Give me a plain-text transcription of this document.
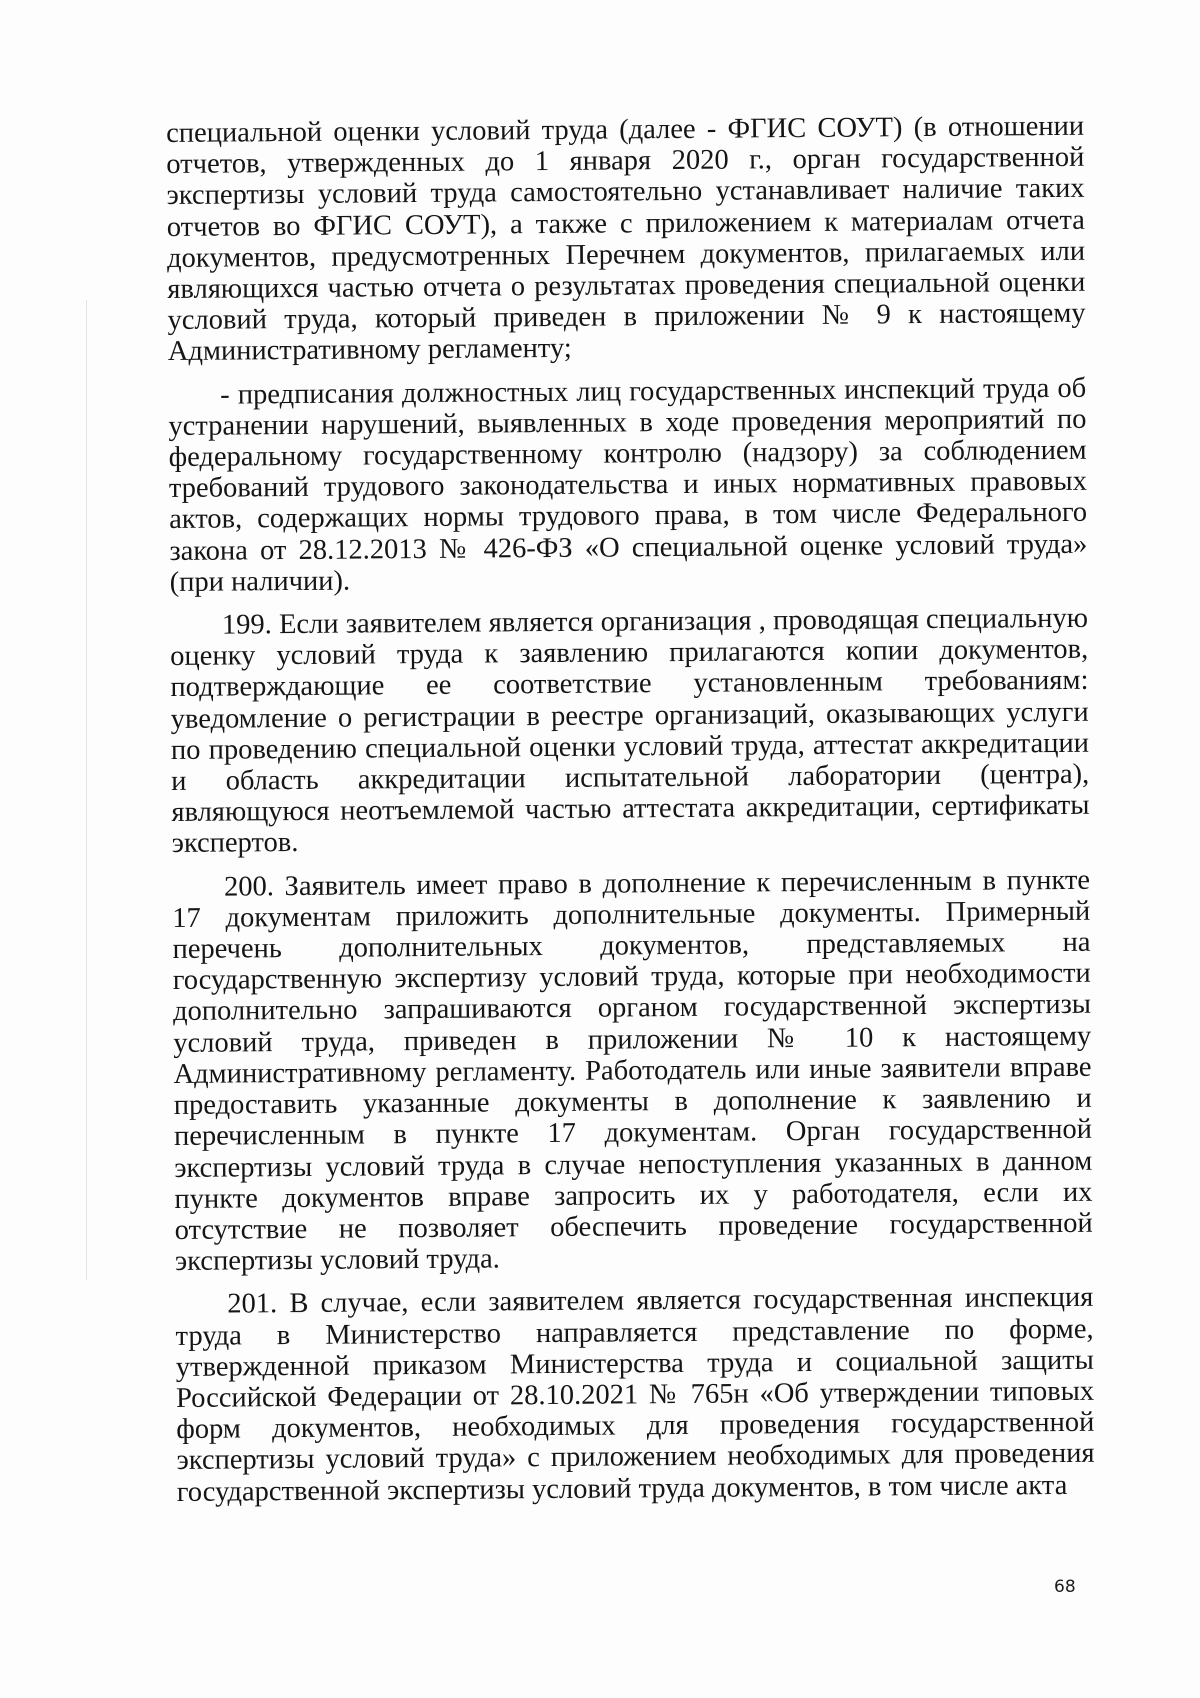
специальной оценки условий труда (далее - ФГИС СОУТ) (в отношении отчетов, утвержденных до 1 января 2020 г., орган государственной экспертизы условий труда самостоятельно устанавливает наличие таких отчетов во ФГИС СОУТ), а также с приложением к материалам отчета документов, предусмотренных Перечнем документов, прилагаемых или являющихся частью отчета о результатах проведения специальной оценки условий труда, который приведен в приложении № 9 к настоящему Административному регламенту;

- предписания должностных лиц государственных инспекций труда об устранении нарушений, выявленных в ходе проведения мероприятий по федеральному государственному контролю (надзору) за соблюдением требований трудового законодательства и иных нормативных правовых актов, содержащих нормы трудового права, в том числе Федерального закона от 28.12.2013 № 426-ФЗ «О специальной оценке условий труда» (при наличии).

199. Если заявителем является организация , проводящая специальную оценку условий труда к заявлению прилагаются копии документов, подтверждающие ее соответствие установленным требованиям: уведомление о регистрации в реестре организаций, оказывающих услуги по проведению специальной оценки условий труда, аттестат аккредитации и область аккредитации испытательной лаборатории (центра), являющуюся неотъемлемой частью аттестата аккредитации, сертификаты экспертов.

200. Заявитель имеет право в дополнение к перечисленным в пункте 17 документам приложить дополнительные документы. Примерный перечень дополнительных документов, представляемых на государственную экспертизу условий труда, которые при необходимости дополнительно запрашиваются органом государственной экспертизы условий труда, приведен в приложении № 10 к настоящему Административному регламенту. Работодатель или иные заявители вправе предоставить указанные документы в дополнение к заявлению и перечисленным в пункте 17 документам. Орган государственной экспертизы условий труда в случае непоступления указанных в данном пункте документов вправе запросить их у работодателя, если их отсутствие не позволяет обеспечить проведение государственной экспертизы условий труда.

201. В случае, если заявителем является государственная инспекция труда в Министерство направляется представление по форме, утвержденной приказом Министерства труда и социальной защиты Российской Федерации от 28.10.2021 № 765н «Об утверждении типовых форм документов, необходимых для проведения государственной экспертизы условий труда» с приложением необходимых для проведения государственной экспертизы условий труда документов, в том числе акта

68
